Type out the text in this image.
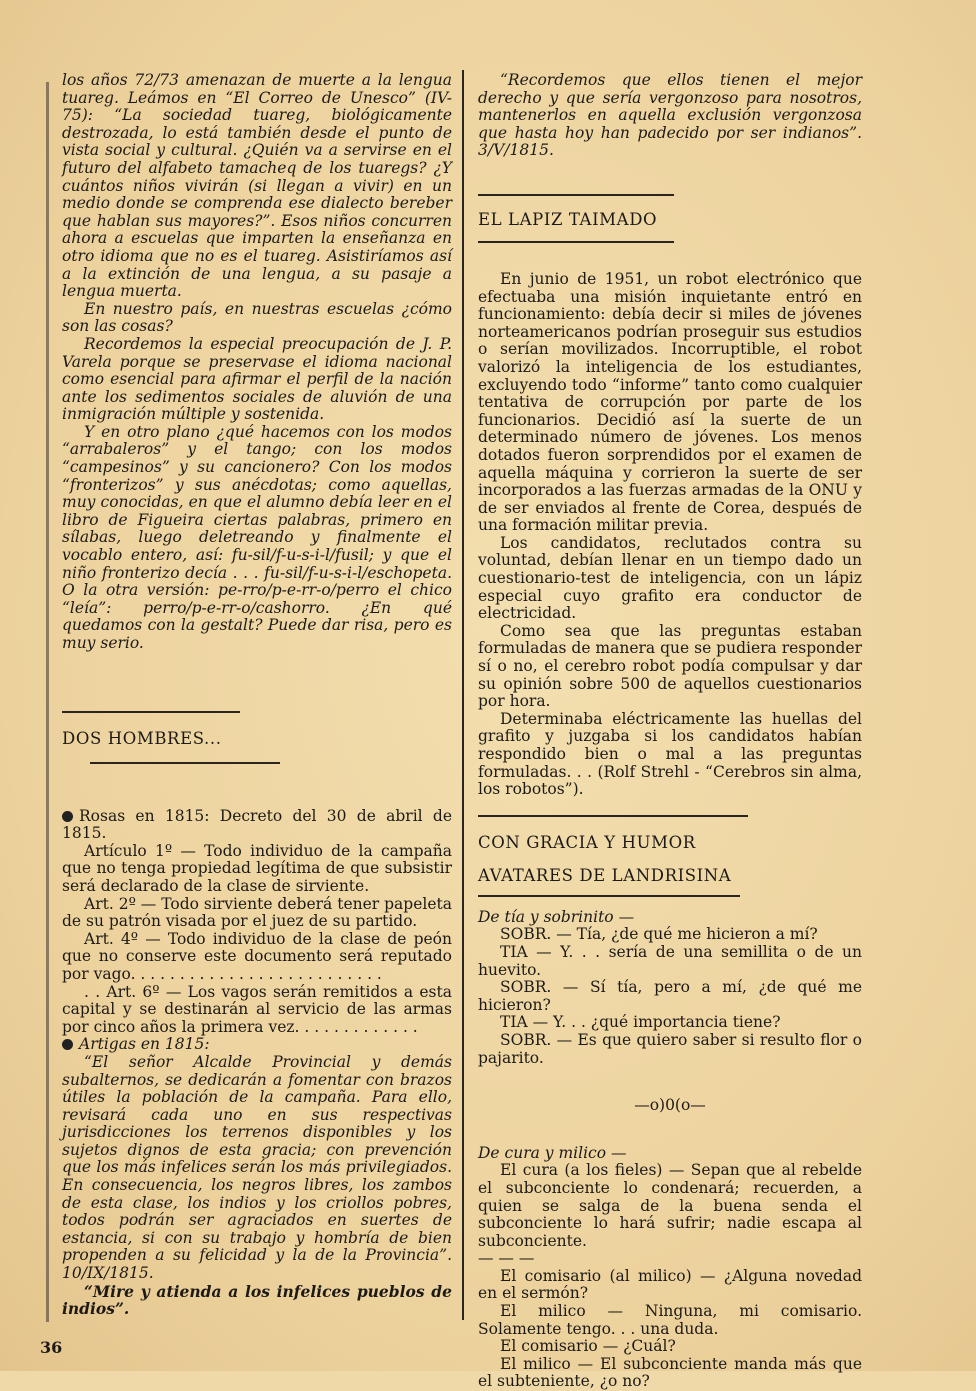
los años 72/73 amenazan de muerte a la lengua tuareg. Leámos en “El Correo de Unesco” (IV-75): “La sociedad tuareg, biológicamente destrozada, lo está también desde el punto de vista social y cultural. ¿Quién va a servirse en el futuro del alfabeto tamacheq de los tuaregs? ¿Y cuántos niños vivirán (si llegan a vivir) en un medio donde se comprenda ese dialecto bereber que hablan sus mayores?”. Esos niños concurren ahora a escuelas que imparten la enseñanza en otro idioma que no es el tuareg. Asistiríamos así a la extinción de una lengua, a su pasaje a lengua muerta.

En nuestro país, en nuestras escuelas ¿cómo son las cosas?

Recordemos la especial preocupación de J. P. Varela porque se preservase el idioma nacional como esencial para afirmar el perfil de la nación ante los sedimentos sociales de aluvión de una inmigración múltiple y sostenida.

Y en otro plano ¿qué hacemos con los modos “arrabaleros” y el tango; con los modos “campesinos” y su cancionero? Con los modos “fronterizos” y sus anécdotas; como aquellas, muy conocidas, en que el alumno debía leer en el libro de Figueira ciertas palabras, primero en sílabas, luego deletreando y finalmente el vocablo entero, así: fu-sil/f-u-s-i-l/fusil; y que el niño fronterizo decía . . . fu-sil/f-u-s-i-l/eschopeta. O la otra versión: pe-rro/p-e-rr-o/perro el chico “leía”: perro/p-e-rr-o/cashorro. ¿En qué quedamos con la gestalt? Puede dar risa, pero es muy serio.

DOS HOMBRES...

Rosas en 1815: Decreto del 30 de abril de 1815.

Artículo 1º — Todo individuo de la campaña que no tenga propiedad legítima de que subsistir será declarado de la clase de sirviente.

Art. 2º — Todo sirviente deberá tener papeleta de su patrón visada por el juez de su partido.

Art. 4º — Todo individuo de la clase de peón que no conserve este documento será reputado por vago. . . . . . . . . . . . . . . . . . . . . . . . . .

. . Art. 6º — Los vagos serán remitidos a esta capital y se destinarán al servicio de las armas por cinco años la primera vez. . . . . . . . . . . . .

Artigas en 1815:

“El señor Alcalde Provincial y demás subalternos, se dedicarán a fomentar con brazos útiles la población de la campaña. Para ello, revisará cada uno en sus respectivas jurisdicciones los terrenos disponibles y los sujetos dignos de esta gracia; con prevención que los más infelices serán los más privilegiados. En consecuencia, los negros libres, los zambos de esta clase, los indios y los criollos pobres, todos podrán ser agraciados en suertes de estancia, si con su trabajo y hombría de bien propenden a su felicidad y la de la Provincia”. 10/IX/1815.

“Mire y atienda a los infelices pueblos de indios”.

“Recordemos que ellos tienen el mejor derecho y que sería vergonzoso para nosotros, mantenerlos en aquella exclusión vergonzosa que hasta hoy han padecido por ser indianos”. 3/V/1815.

EL LAPIZ TAIMADO

En junio de 1951, un robot electrónico que efectuaba una misión inquietante entró en funcionamiento: debía decir si miles de jóvenes norteamericanos podrían proseguir sus estudios o serían movilizados. Incorruptible, el robot valorizó la inteligencia de los estudiantes, excluyendo todo “informe” tanto como cualquier tentativa de corrupción por parte de los funcionarios. Decidió así la suerte de un determinado número de jóvenes. Los menos dotados fueron sorprendidos por el examen de aquella máquina y corrieron la suerte de ser incorporados a las fuerzas armadas de la ONU y de ser enviados al frente de Corea, después de una formación militar previa.

Los candidatos, reclutados contra su voluntad, debían llenar en un tiempo dado un cuestionario-test de inteligencia, con un lápiz especial cuyo grafito era conductor de electricidad.

Como sea que las preguntas estaban formuladas de manera que se pudiera responder sí o no, el cerebro robot podía compulsar y dar su opinión sobre 500 de aquellos cuestionarios por hora.

Determinaba eléctricamente las huellas del grafito y juzgaba si los candidatos habían respondido bien o mal a las preguntas formuladas. . . (Rolf Strehl - “Cerebros sin alma, los robotos”).

CON GRACIA Y HUMOR
AVATARES DE LANDRISINA

De tía y sobrinito —

SOBR. — Tía, ¿de qué me hicieron a mí?

TIA — Y. . . sería de una semillita o de un huevito.

SOBR. — Sí tía, pero a mí, ¿de qué me hicieron?

TIA — Y. . . ¿qué importancia tiene?

SOBR. — Es que quiero saber si resulto flor o pajarito.

—o)0(o—

De cura y milico —

El cura (a los fieles) — Sepan que al rebelde el subconciente lo condenará; recuerden, a quien se salga de la buena senda el subconciente lo hará sufrir; nadie escapa al subconciente.

— — —

El comisario (al milico) — ¿Alguna novedad en el sermón?

El milico — Ninguna, mi comisario. Solamente tengo. . . una duda.

El comisario — ¿Cuál?

El milico — El subconciente manda más que el subteniente, ¿o no?

36
